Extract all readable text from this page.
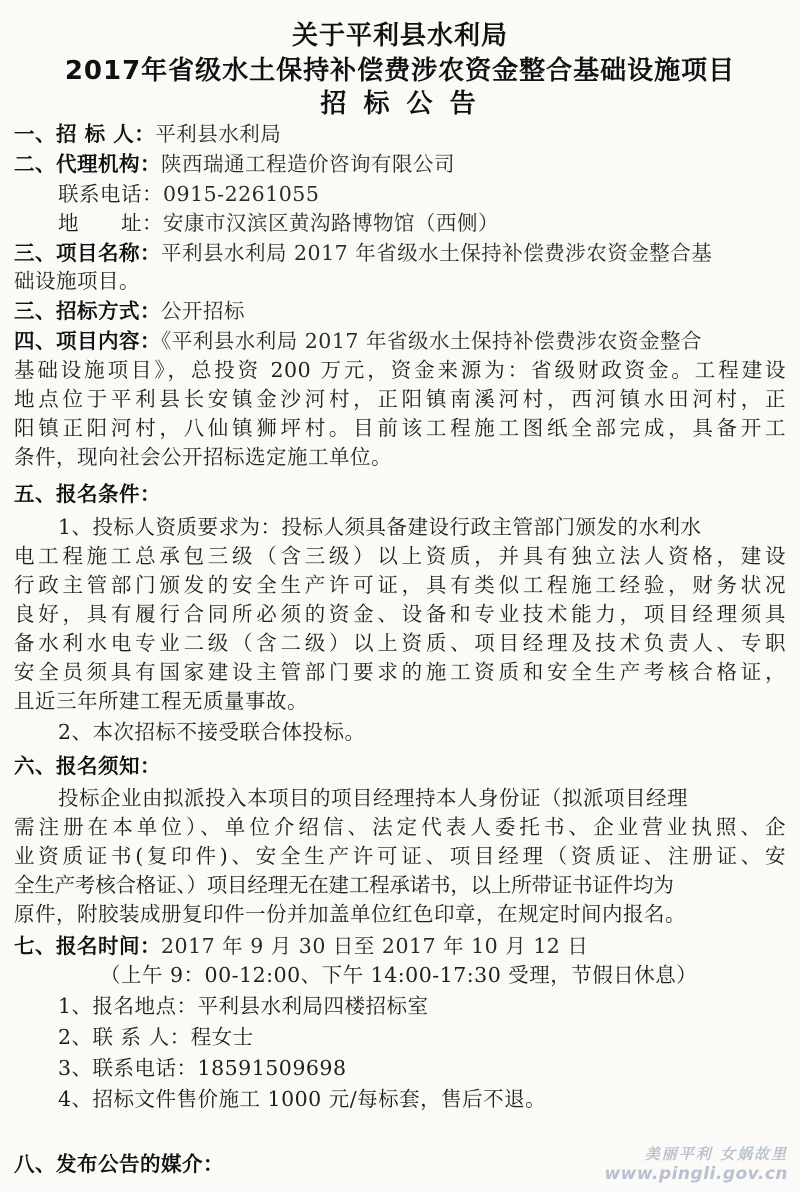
关于平利县水利局
2017年省级水土保持补偿费涉农资金整合基础设施项目
招 标 公 告
一、招 标 人：平利县水利局
二、代理机构：陕西瑞通工程造价咨询有限公司
联系电话：0915-2261055
地　　址：安康市汉滨区黄沟路博物馆（西侧）
三、项目名称：平利县水利局 2017 年省级水土保持补偿费涉农资金整合基
础设施项目。
三、招标方式：公开招标
四、项目内容：《平利县水利局 2017 年省级水土保持补偿费涉农资金整合
基础设施项目》，总投资 200 万元，资金来源为：省级财政资金。工程建设
地点位于平利县长安镇金沙河村，正阳镇南溪河村，西河镇水田河村，正
阳镇正阳河村，八仙镇狮坪村。目前该工程施工图纸全部完成，具备开工
条件，现向社会公开招标选定施工单位。
五、报名条件：
1、投标人资质要求为：投标人须具备建设行政主管部门颁发的水利水
电工程施工总承包三级（含三级）以上资质，并具有独立法人资格，建设
行政主管部门颁发的安全生产许可证，具有类似工程施工经验，财务状况
良好，具有履行合同所必须的资金、设备和专业技术能力，项目经理须具
备水利水电专业二级（含二级）以上资质、项目经理及技术负责人、专职
安全员须具有国家建设主管部门要求的施工资质和安全生产考核合格证，
且近三年所建工程无质量事故。
2、本次招标不接受联合体投标。
六、报名须知：
投标企业由拟派投入本项目的项目经理持本人身份证（拟派项目经理
需注册在本单位）、单位介绍信、法定代表人委托书、企业营业执照、企
业资质证书(复印件)、安全生产许可证、项目经理（资质证、注册证、安
全生产考核合格证、）项目经理无在建工程承诺书，以上所带证书证件均为
原件，附胶装成册复印件一份并加盖单位红色印章，在规定时间内报名。
七、报名时间：2017 年 9 月 30 日至 2017 年 10 月 12 日
（上午 9：00-12:00、下午 14:00-17:30 受理，节假日休息）
1、报名地点：平利县水利局四楼招标室
2、联 系 人：程女士
3、联系电话：18591509698
4、招标文件售价施工 1000 元/每标套，售后不退。
八、发布公告的媒介：	美丽平利 女娲故里
www.pingli.gov.cn
